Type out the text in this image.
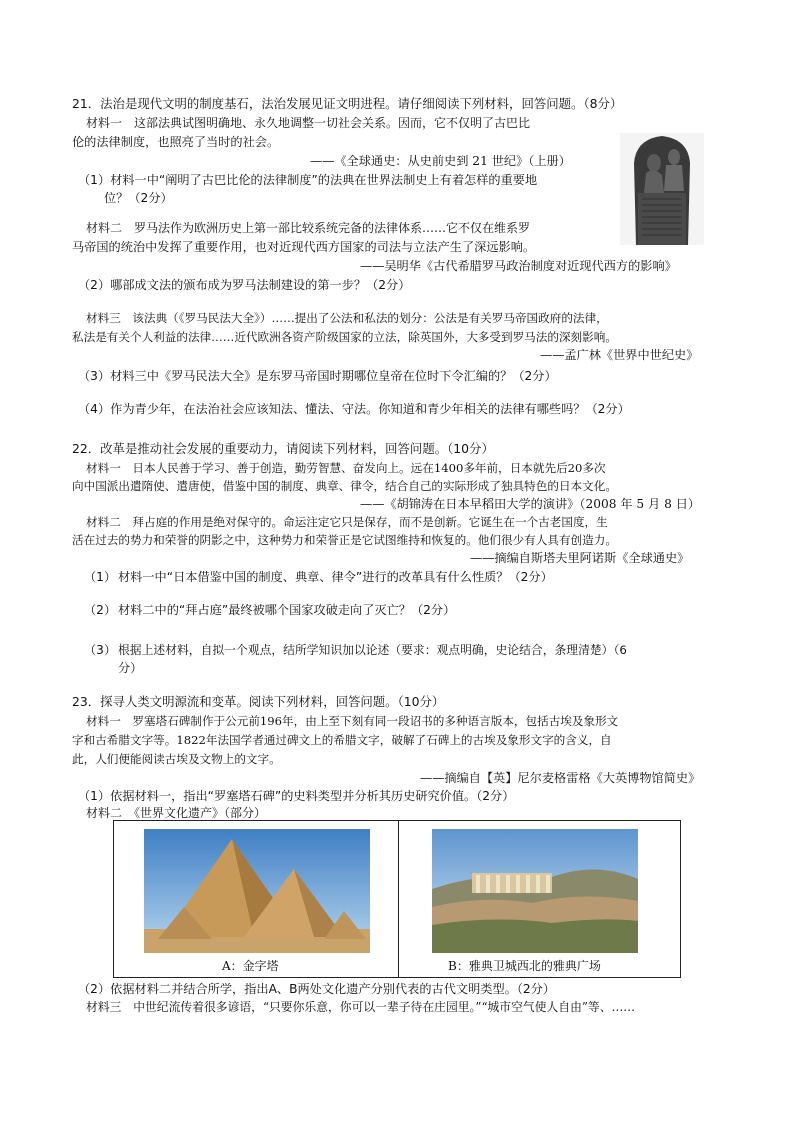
21．法治是现代文明的制度基石，法治发展见证文明进程。请仔细阅读下列材料，回答问题。（8分）
材料一　这部法典试图明确地、永久地调整一切社会关系。因而，它不仅明了古巴比
伦的法律制度，也照亮了当时的社会。
——《全球通史：从史前史到 21 世纪》（上册）
（1）材料一中“阐明了古巴比伦的法律制度”的法典在世界法制史上有着怎样的重要地
位？（2分）
材料二　罗马法作为欧洲历史上第一部比较系统完备的法律体系……它不仅在维系罗
马帝国的统治中发挥了重要作用，也对近现代西方国家的司法与立法产生了深远影响。
——吴明华《古代希腊罗马政治制度对近现代西方的影响》
（2）哪部成文法的颁布成为罗马法制建设的第一步？（2分）
材料三　该法典（《罗马民法大全》）……提出了公法和私法的划分：公法是有关罗马帝国政府的法律，
私法是有关个人利益的法律……近代欧洲各资产阶级国家的立法，除英国外，大多受到罗马法的深刻影响。
——孟广林《世界中世纪史》
（3）材料三中《罗马民法大全》是东罗马帝国时期哪位皇帝在位时下令汇编的？（2分）
（4）作为青少年，在法治社会应该知法、懂法、守法。你知道和青少年相关的法律有哪些吗？（2分）
22．改革是推动社会发展的重要动力，请阅读下列材料，回答问题。（10分）
材料一　日本人民善于学习、善于创造，勤劳智慧、奋发向上。远在1400多年前，日本就先后20多次
向中国派出遣隋使、遣唐使，借鉴中国的制度、典章、律令，结合自己的实际形成了独具特色的日本文化。
——《胡锦涛在日本早稻田大学的演讲》（2008 年 5 月 8 日）
材料二　拜占庭的作用是绝对保守的。命运注定它只是保存，而不是创新。它诞生在一个古老国度，生
活在过去的势力和荣誉的阴影之中，这种势力和荣誉正是它试图维持和恢复的。他们很少有人具有创造力。
——摘编自斯塔夫里阿诺斯《全球通史》
（1） 材料一中“日本借鉴中国的制度、典章、律令”进行的改革具有什么性质？（2分）
（2） 材料二中的“拜占庭”最终被哪个国家攻破走向了灭亡？（2分）
（3） 根据上述材料，自拟一个观点，结所学知识加以论述（要求：观点明确，史论结合，条理清楚）（6
分）
23．探寻人类文明源流和变革。阅读下列材料，回答问题。（10分）
材料一　罗塞塔石碑制作于公元前196年，由上至下刻有同一段诏书的多种语言版本，包括古埃及象形文
字和古希腊文字等。1822年法国学者通过碑文上的希腊文字，破解了石碑上的古埃及象形文字的含义，自
此，人们便能阅读古埃及文物上的文字。
——摘编自【英】尼尔麦格雷格《大英博物馆简史》
（1）依据材料一，指出“罗塞塔石碑”的史料类型并分析其历史研究价值。（2分）
材料二　《世界文化遗产》（部分）
A：金字塔	B：雅典卫城西北的雅典广场
（2）依据材料二并结合所学，指出A、B两处文化遗产分别代表的古代文明类型。（2分）
材料三　中世纪流传着很多谚语，“只要你乐意，你可以一辈子待在庄园里。”“城市空气使人自由”等、……
